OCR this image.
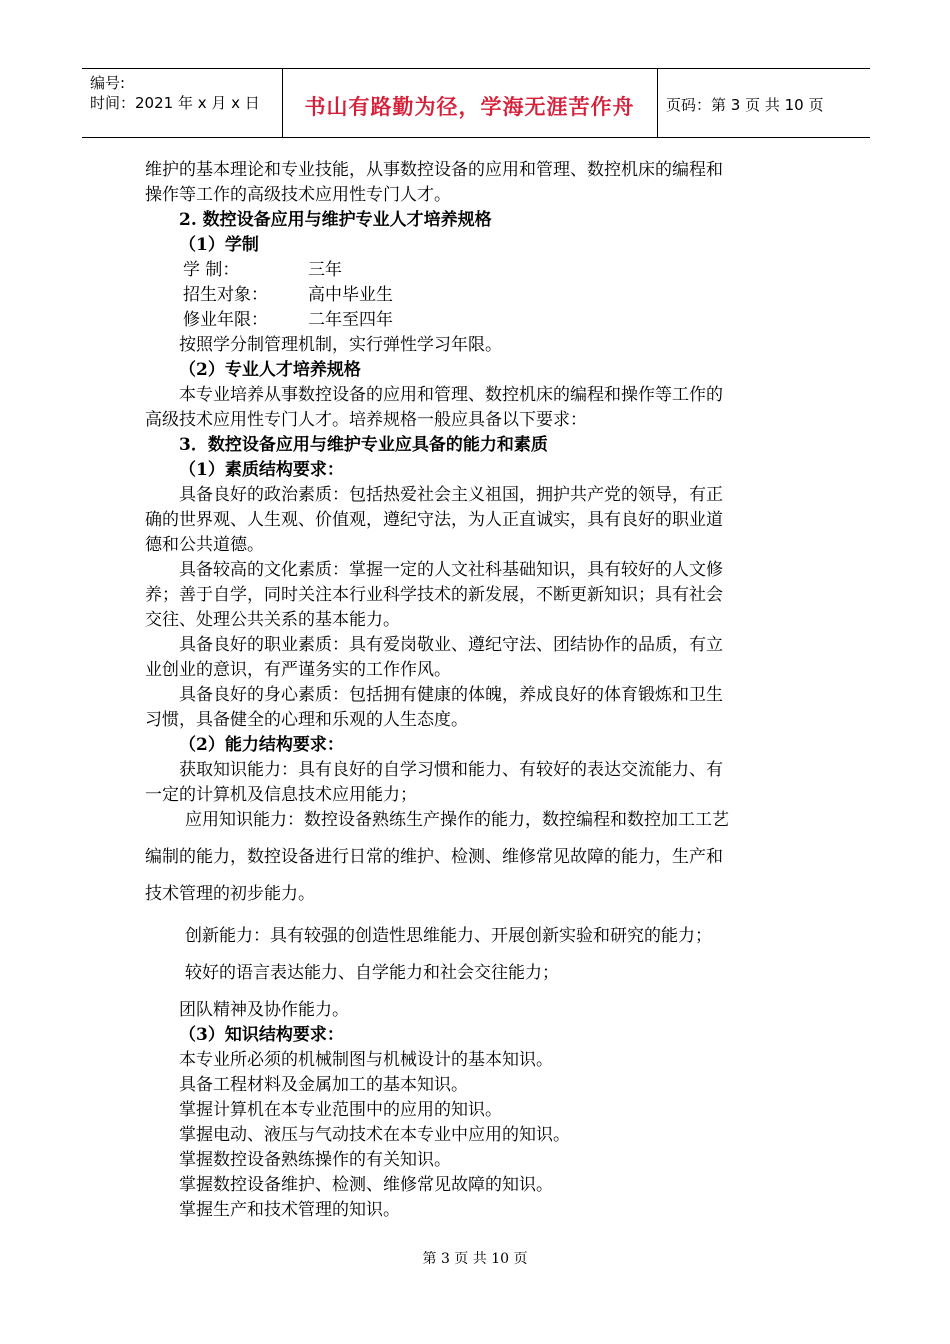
编号:
时间：2021 年 x 月 x 日	书山有路勤为径，学海无涯苦作舟	页码：第 3 页 共 10 页
维护的基本理论和专业技能，从事数控设备的应用和管理、数控机床的编程和
操作等工作的高级技术应用性专门人才。
2. 数控设备应用与维护专业人才培养规格
（1）学制
学 制：	三年
招生对象：	高中毕业生
修业年限：	二年至四年
按照学分制管理机制，实行弹性学习年限。
（2）专业人才培养规格
本专业培养从事数控设备的应用和管理、数控机床的编程和操作等工作的
高级技术应用性专门人才。培养规格一般应具备以下要求：
3．数控设备应用与维护专业应具备的能力和素质
（1）素质结构要求：
具备良好的政治素质：包括热爱社会主义祖国，拥护共产党的领导，有正
确的世界观、人生观、价值观，遵纪守法，为人正直诚实，具有良好的职业道
德和公共道德。
具备较高的文化素质：掌握一定的人文社科基础知识，具有较好的人文修
养；善于自学，同时关注本行业科学技术的新发展，不断更新知识；具有社会
交往、处理公共关系的基本能力。
具备良好的职业素质：具有爱岗敬业、遵纪守法、团结协作的品质，有立
业创业的意识，有严谨务实的工作作风。
具备良好的身心素质：包括拥有健康的体魄，养成良好的体育锻炼和卫生
习惯，具备健全的心理和乐观的人生态度。
（2）能力结构要求：
获取知识能力：具有良好的自学习惯和能力、有较好的表达交流能力、有
一定的计算机及信息技术应用能力；
应用知识能力：数控设备熟练生产操作的能力，数控编程和数控加工工艺
编制的能力，数控设备进行日常的维护、检测、维修常见故障的能力，生产和
技术管理的初步能力。
创新能力：具有较强的创造性思维能力、开展创新实验和研究的能力；
较好的语言表达能力、自学能力和社会交往能力；
团队精神及协作能力。
（3）知识结构要求：
本专业所必须的机械制图与机械设计的基本知识。
具备工程材料及金属加工的基本知识。
掌握计算机在本专业范围中的应用的知识。
掌握电动、液压与气动技术在本专业中应用的知识。
掌握数控设备熟练操作的有关知识。
掌握数控设备维护、检测、维修常见故障的知识。
掌握生产和技术管理的知识。
第 3 页 共 10 页
